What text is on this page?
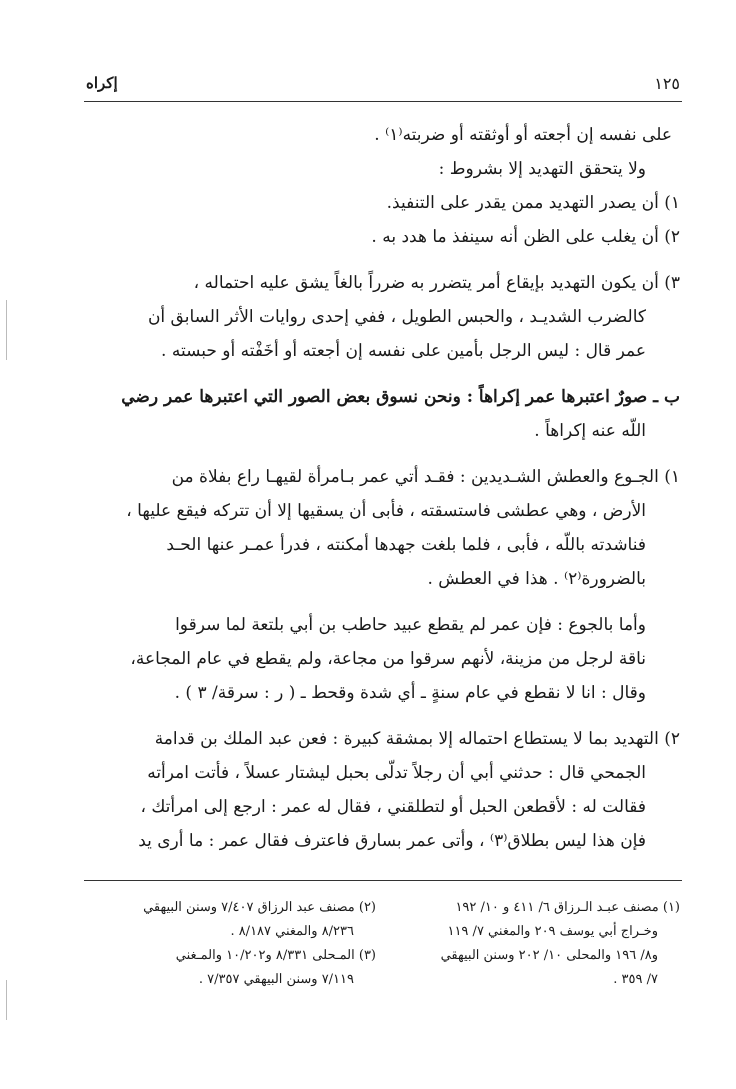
١٢٥
إكراه
على نفسه إن أجعته أو أوثقته أو ضربته⁽١⁾ .
ولا يتحقق التهديد إلا بشروط :
١) أن يصدر التهديد ممن يقدر على التنفيذ.
٢) أن يغلب على الظن أنه سينفذ ما هدد به .
٣) أن يكون التهديد بإيقاع أمر يتضرر به ضرراً بالغاً يشق عليه احتماله ،
كالضرب الشديـد ، والحبس الطويل ، ففي إحدى روايات الأثر السابق أن
عمر قال : ليس الرجل بأمين على نفسه إن أجعته أو أخَفْته أو حبسته .
ب ـ صورٌ اعتبرها عمر إكراهاً : ونحن نسوق بعض الصور التي اعتبرها عمر رضي
اللّه عنه إكراهاً .
١) الجـوع والعطش الشـديدين : فقـد أتي عمر بـامرأة لقيهـا راع بفلاة من
الأرض ، وهي عطشى فاستسقته ، فأبى أن يسقيها إلا أن تتركه فيقع عليها ،
فناشدته باللّه ، فأبى ، فلما بلغت جهدها أمكنته ، فدرأ عمـر عنها الحـد
بالضرورة⁽٢⁾ . هذا في العطش .
وأما بالجوع : فإن عمر لم يقطع عبيد حاطب بن أبي بلتعة لما سرقوا
ناقة لرجل من مزينة، لأنهم سرقوا من مجاعة، ولم يقطع في عام المجاعة،
وقال : انا لا نقطع في عام سنةٍ ـ أي شدة وقحط ـ ( ر : سرقة/ ٣ ) .
٢) التهديد بما لا يستطاع احتماله إلا بمشقة كبيرة : فعن عبد الملك بن قدامة
الجمحي قال : حدثني أبي أن رجلاً تدلّى بحبل ليشتار عسلاً ، فأتت امرأته
فقالت له : لأقطعن الحبل أو لتطلقني ، فقال له عمر : ارجع إلى امرأتك ،
فإن هذا ليس بطلاق⁽٣⁾ ، وأتى عمر بسارق فاعترف فقال عمر : ما أرى يد
(١) مصنف عبـد الـرزاق ٦/ ٤١١ و ١٠/ ١٩٢
وخـراج أبي يوسف ٢٠٩ والمغني ٧/ ١١٩
و٨/ ١٩٦ والمحلى ١٠/ ٢٠٢ وسنن البيهقي
٧/ ٣٥٩ .
(٢) مصنف عبد الرزاق ٧/٤٠٧ وسنن البيهقي
٨/٢٣٦ والمغني ٨/١٨٧ .
(٣) المـحلى ٨/٣٣١ و١٠/٢٠٢ والمـغني
٧/١١٩ وسنن البيهقي ٧/٣٥٧ .
